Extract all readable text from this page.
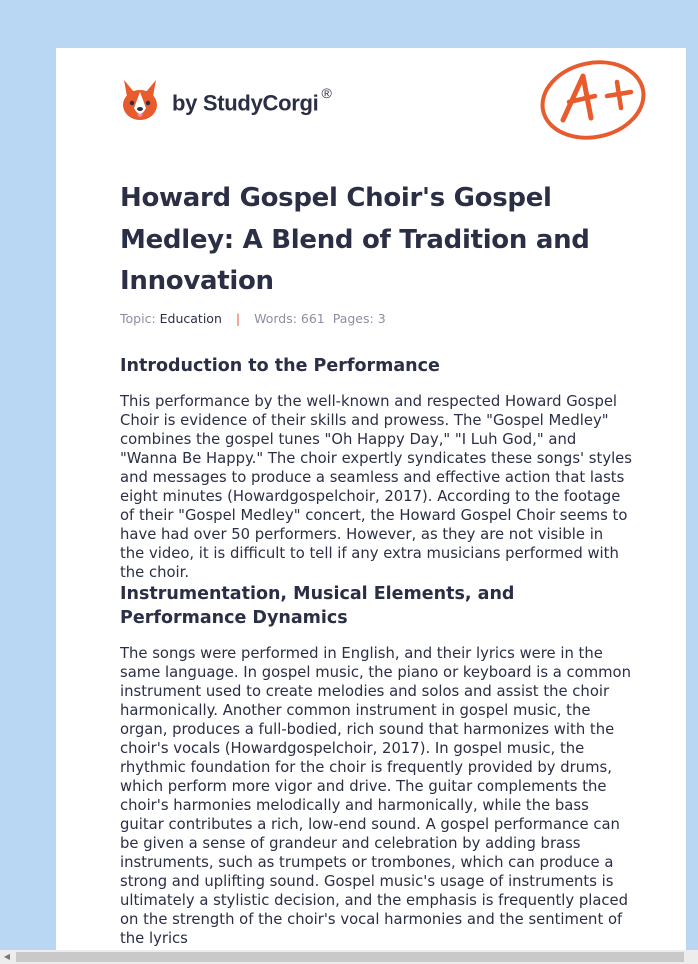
by StudyCorgi ®
Howard Gospel Choir's Gospel Medley: A Blend of Tradition and Innovation
Topic: Education | Words: 661 Pages: 3
Introduction to the Performance

This performance by the well-known and respected Howard Gospel Choir is evidence of their skills and prowess. The "Gospel Medley" combines the gospel tunes "Oh Happy Day," "I Luh God," and "Wanna Be Happy." The choir expertly syndicates these songs' styles and messages to produce a seamless and effective action that lasts eight minutes (Howardgospelchoir, 2017). According to the footage of their "Gospel Medley" concert, the Howard Gospel Choir seems to have had over 50 performers. However, as they are not visible in the video, it is difficult to tell if any extra musicians performed with the choir.

Instrumentation, Musical Elements, and Performance Dynamics

The songs were performed in English, and their lyrics were in the same language. In gospel music, the piano or keyboard is a common instrument used to create melodies and solos and assist the choir harmonically. Another common instrument in gospel music, the organ, produces a full-bodied, rich sound that harmonizes with the choir's vocals (Howardgospelchoir, 2017). In gospel music, the rhythmic foundation for the choir is frequently provided by drums, which perform more vigor and drive. The guitar complements the choir's harmonies melodically and harmonically, while the bass guitar contributes a rich, low-end sound. A gospel performance can be given a sense of grandeur and celebration by adding brass instruments, such as trumpets or trombones, which can produce a strong and uplifting sound. Gospel music's usage of instruments is ultimately a stylistic decision, and the emphasis is frequently placed on the strength of the choir's vocal harmonies and the sentiment of the lyrics

◀
